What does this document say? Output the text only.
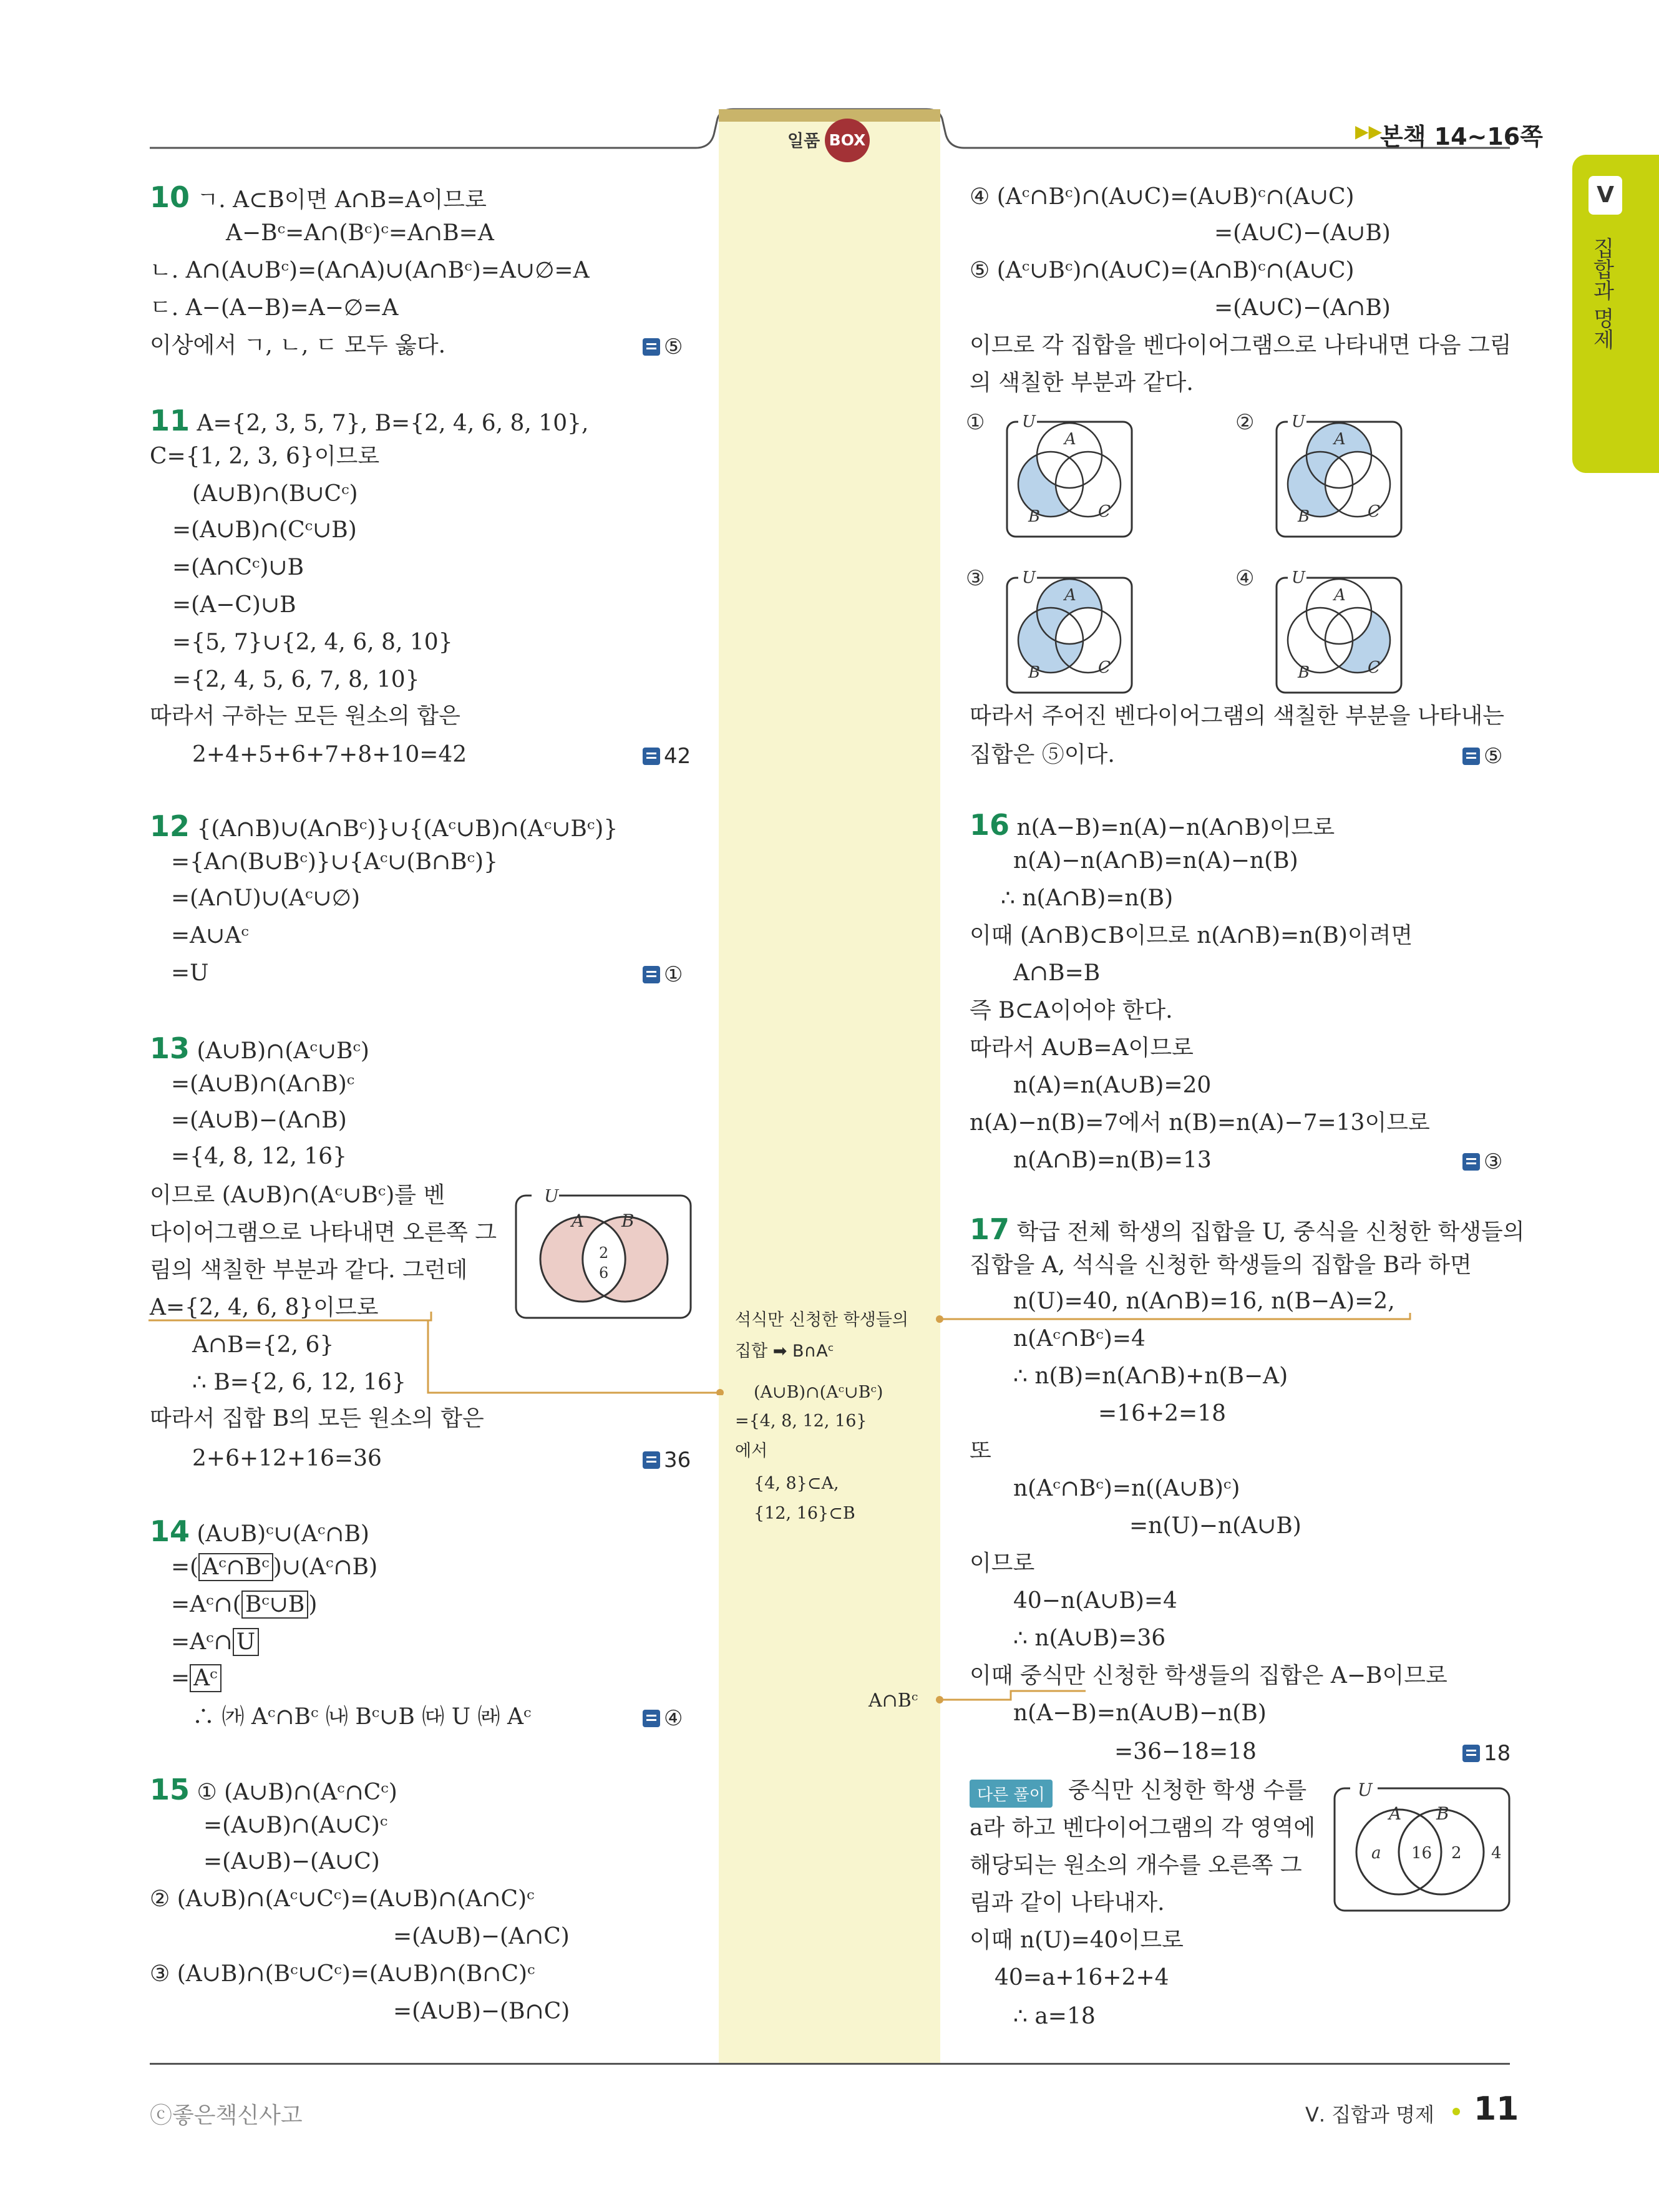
일품 BOX	▶▶
본책 14~16쪽
V
집합과 명제
10 ㄱ. A⊂B이면 A∩B=A이므로
A−Bᶜ=A∩(Bᶜ)ᶜ=A∩B=A
ㄴ. A∩(A∪Bᶜ)=(A∩A)∪(A∩Bᶜ)=A∪∅=A
ㄷ. A−(A−B)=A−∅=A
이상에서 ㄱ, ㄴ, ㄷ 모두 옳다.	⑤
11 A={2, 3, 5, 7}, B={2, 4, 6, 8, 10},
C={1, 2, 3, 6}이므로
(A∪B)∩(B∪Cᶜ)
=(A∪B)∩(Cᶜ∪B)
=(A∩Cᶜ)∪B
=(A−C)∪B
={5, 7}∪{2, 4, 6, 8, 10}
={2, 4, 5, 6, 7, 8, 10}
따라서 구하는 모든 원소의 합은
2+4+5+6+7+8+10=42	42
12 {(A∩B)∪(A∩Bᶜ)}∪{(Aᶜ∪B)∩(Aᶜ∪Bᶜ)}
={A∩(B∪Bᶜ)}∪{Aᶜ∪(B∩Bᶜ)}
=(A∩U)∪(Aᶜ∪∅)
=A∪Aᶜ
=U	①
13 (A∪B)∩(Aᶜ∪Bᶜ)
=(A∪B)∩(A∩B)ᶜ
=(A∪B)−(A∩B)
={4, 8, 12, 16}
이므로 (A∪B)∩(Aᶜ∪Bᶜ)를 벤
다이어그램으로 나타내면 오른쪽 그
림의 색칠한 부분과 같다. 그런데
A={2, 4, 6, 8}이므로
A∩B={2, 6}
∴ B={2, 6, 12, 16}
따라서 집합 B의 모든 원소의 합은
2+6+12+16=36	36
U
A B
2
6
14 (A∪B)ᶜ∪(Aᶜ∩B)
=( Aᶜ∩Bᶜ )∪(Aᶜ∩B)
=Aᶜ∩( Bᶜ∪B )
=Aᶜ∩ U
= Aᶜ
∴ ㈎ Aᶜ∩Bᶜ ㈏ Bᶜ∪B ㈐ U ㈑ Aᶜ	④
15 ① (A∪B)∩(Aᶜ∩Cᶜ)
=(A∪B)∩(A∪C)ᶜ
=(A∪B)−(A∪C)
② (A∪B)∩(Aᶜ∪Cᶜ)=(A∪B)∩(A∩C)ᶜ
=(A∪B)−(A∩C)
③ (A∪B)∩(Bᶜ∪Cᶜ)=(A∪B)∩(B∩C)ᶜ
=(A∪B)−(B∩C)
석식만 신청한 학생들의
집합 ➡ B∩Aᶜ
(A∪B)∩(Aᶜ∪Bᶜ)
={4, 8, 12, 16}
에서
{4, 8}⊂A,
{12, 16}⊂B
A∩Bᶜ
④ (Aᶜ∩Bᶜ)∩(A∪C)=(A∪B)ᶜ∩(A∪C)
=(A∪C)−(A∪B)
⑤ (Aᶜ∪Bᶜ)∩(A∪C)=(A∩B)ᶜ∩(A∪C)
=(A∪C)−(A∩B)
이므로 각 집합을 벤다이어그램으로 나타내면 다음 그림
의 색칠한 부분과 같다.
①	②
③	④
U
A
B	C
U
A
B	C
U
A
B	C
U
A
B	C
따라서 주어진 벤다이어그램의 색칠한 부분을 나타내는
집합은 ⑤이다.	⑤
16 n(A−B)=n(A)−n(A∩B)이므로
n(A)−n(A∩B)=n(A)−n(B)
∴ n(A∩B)=n(B)
이때 (A∩B)⊂B이므로 n(A∩B)=n(B)이려면
A∩B=B
즉 B⊂A이어야 한다.
따라서 A∪B=A이므로
n(A)=n(A∪B)=20
n(A)−n(B)=7에서 n(B)=n(A)−7=13이므로
n(A∩B)=n(B)=13	③
17 학급 전체 학생의 집합을 U, 중식을 신청한 학생들의
집합을 A, 석식을 신청한 학생들의 집합을 B라 하면
n(U)=40, n(A∩B)=16, n(B−A)=2,
n(Aᶜ∩Bᶜ)=4
∴ n(B)=n(A∩B)+n(B−A)
=16+2=18
또
n(Aᶜ∩Bᶜ)=n((A∪B)ᶜ)
=n(U)−n(A∪B)
이므로
40−n(A∪B)=4
∴ n(A∪B)=36
이때 중식만 신청한 학생들의 집합은 A−B이므로
n(A−B)=n(A∪B)−n(B)
=36−18=18	18
다른 풀이	중식만 신청한 학생 수를
a라 하고 벤다이어그램의 각 영역에
해당되는 원소의 개수를 오른쪽 그
림과 같이 나타내자.
이때 n(U)=40이므로
40=a+16+2+4
∴ a=18
U
A B
a 16 2 4
ⓒ좋은책신사고	Ⅴ. 집합과 명제 11
